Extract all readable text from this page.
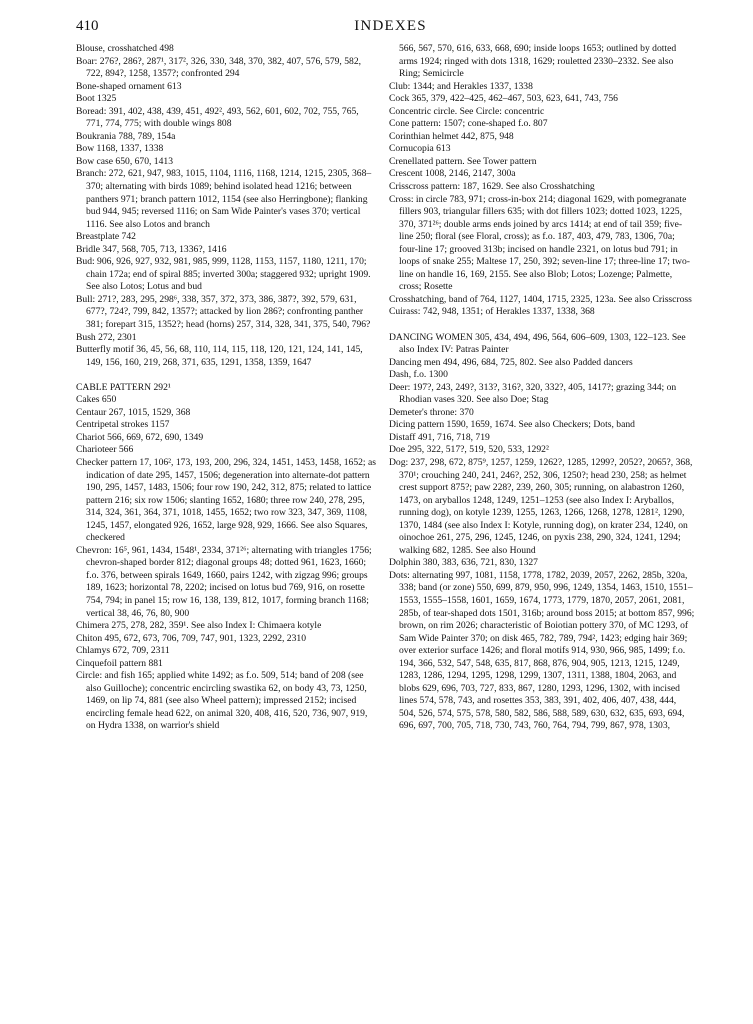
410	INDEXES

Blouse, crosshatched 498

Boar: 276?, 286?, 287¹, 317², 326, 330, 348, 370, 382, 407, 576, 579, 582, 722, 894?, 1258, 1357?; confronted 294

Bone-shaped ornament 613

Boot 1325

Boread: 391, 402, 438, 439, 451, 492², 493, 562, 601, 602, 702, 755, 765, 771, 774, 775; with double wings 808

Boukrania 788, 789, 154a

Bow 1168, 1337, 1338

Bow case 650, 670, 1413

Branch: 272, 621, 947, 983, 1015, 1104, 1116, 1168, 1214, 1215, 2305, 368–370; alternating with birds 1089; behind isolated head 1216; between panthers 971; branch pattern 1012, 1154 (see also Herringbone); flanking bud 944, 945; reversed 1116; on Sam Wide Painter's vases 370; vertical 1116. See also Lotos and branch

Breastplate 742

Bridle 347, 568, 705, 713, 1336?, 1416

Bud: 906, 926, 927, 932, 981, 985, 999, 1128, 1153, 1157, 1180, 1211, 170; chain 172a; end of spiral 885; inverted 300a; staggered 932; upright 1909. See also Lotos; Lotus and bud

Bull: 271?, 283, 295, 298⁶, 338, 357, 372, 373, 386, 387?, 392, 579, 631, 677?, 724?, 799, 842, 1357?; attacked by lion 286?; confronting panther 381; forepart 315, 1352?; head (horns) 257, 314, 328, 341, 375, 540, 796?

Bush 272, 2301

Butterfly motif 36, 45, 56, 68, 110, 114, 115, 118, 120, 121, 124, 141, 145, 149, 156, 160, 219, 268, 371, 635, 1291, 1358, 1359, 1647

CABLE PATTERN 292¹

Cakes 650

Centaur 267, 1015, 1529, 368

Centripetal strokes 1157

Chariot 566, 669, 672, 690, 1349

Charioteer 566

Checker pattern 17, 106², 173, 193, 200, 296, 324, 1451, 1453, 1458, 1652; as indication of date 295, 1457, 1506; degeneration into alternate-dot pattern 190, 295, 1457, 1483, 1506; four row 190, 242, 312, 875; related to lattice pattern 216; six row 1506; slanting 1652, 1680; three row 240, 278, 295, 314, 324, 361, 364, 371, 1018, 1455, 1652; two row 323, 347, 369, 1108, 1245, 1457, elongated 926, 1652, large 928, 929, 1666. See also Squares, checkered

Chevron: 16⁵, 961, 1434, 1548¹, 2334, 371²⁶; alternating with triangles 1756; chevron-shaped border 812; diagonal groups 48; dotted 961, 1623, 1660; f.o. 376, between spirals 1649, 1660, pairs 1242, with zigzag 996; groups 189, 1623; horizontal 78, 2202; incised on lotus bud 769, 916, on rosette 754, 794; in panel 15; row 16, 138, 139, 812, 1017, forming branch 1168; vertical 38, 46, 76, 80, 900

Chimera 275, 278, 282, 359¹. See also Index I: Chimaera kotyle

Chiton 495, 672, 673, 706, 709, 747, 901, 1323, 2292, 2310

Chlamys 672, 709, 2311

Cinquefoil pattern 881

Circle: and fish 165; applied white 1492; as f.o. 509, 514; band of 208 (see also Guilloche); concentric encircling swastika 62, on body 43, 73, 1250, 1469, on lip 74, 881 (see also Wheel pattern); impressed 2152; incised encircling female head 622, on animal 320, 408, 416, 520, 736, 907, 919, on Hydra 1338, on warrior's shield

566, 567, 570, 616, 633, 668, 690; inside loops 1653; outlined by dotted arms 1924; ringed with dots 1318, 1629; rouletted 2330–2332. See also Ring; Semicircle

Club: 1344; and Herakles 1337, 1338

Cock 365, 379, 422–425, 462–467, 503, 623, 641, 743, 756

Concentric circle. See Circle: concentric

Cone pattern: 1507; cone-shaped f.o. 807

Corinthian helmet 442, 875, 948

Cornucopia 613

Crenellated pattern. See Tower pattern

Crescent 1008, 2146, 2147, 300a

Crisscross pattern: 187, 1629. See also Crosshatching

Cross: in circle 783, 971; cross-in-box 214; diagonal 1629, with pomegranate fillers 903, triangular fillers 635; with dot fillers 1023; dotted 1023, 1225, 370, 371²⁶; double arms ends joined by arcs 1414; at end of tail 359; five-line 250; floral (see Floral, cross); as f.o. 187, 403, 479, 783, 1306, 70a; four-line 17; grooved 313b; incised on handle 2321, on lotus bud 791; in loops of snake 255; Maltese 17, 250, 392; seven-line 17; three-line 17; two-line on handle 16, 169, 2155. See also Blob; Lotos; Lozenge; Palmette, cross; Rosette

Crosshatching, band of 764, 1127, 1404, 1715, 2325, 123a. See also Crisscross

Cuirass: 742, 948, 1351; of Herakles 1337, 1338, 368

DANCING WOMEN 305, 434, 494, 496, 564, 606–609, 1303, 122–123. See also Index IV: Patras Painter

Dancing men 494, 496, 684, 725, 802. See also Padded dancers

Dash, f.o. 1300

Deer: 197?, 243, 249?, 313?, 316?, 320, 332?, 405, 1417?; grazing 344; on Rhodian vases 320. See also Doe; Stag

Demeter's throne: 370

Dicing pattern 1590, 1659, 1674. See also Checkers; Dots, band

Distaff 491, 716, 718, 719

Doe 295, 322, 517?, 519, 520, 533, 1292²

Dog: 237, 298, 672, 875⁹, 1257, 1259, 1262?, 1285, 1299?, 2052?, 2065?, 368, 370¹; crouching 240, 241, 246?, 252, 306, 1250?; head 230, 258; as helmet crest support 875?; paw 228?, 239, 260, 305; running, on alabastron 1260, 1473, on aryballos 1248, 1249, 1251–1253 (see also Index I: Aryballos, running dog), on kotyle 1239, 1255, 1263, 1266, 1268, 1278, 1281², 1290, 1370, 1484 (see also Index I: Kotyle, running dog), on krater 234, 1240, on oinochoe 261, 275, 296, 1245, 1246, on pyxis 238, 290, 324, 1241, 1294; walking 682, 1285. See also Hound

Dolphin 380, 383, 636, 721, 830, 1327

Dots: alternating 997, 1081, 1158, 1778, 1782, 2039, 2057, 2262, 285b, 320a, 338; band (or zone) 550, 699, 879, 950, 996, 1249, 1354, 1463, 1510, 1551–1553, 1555–1558, 1601, 1659, 1674, 1773, 1779, 1870, 2057, 2061, 2081, 285b, of tear-shaped dots 1501, 316b; around boss 2015; at bottom 857, 996; brown, on rim 2026; characteristic of Boiotian pottery 370, of MC 1293, of Sam Wide Painter 370; on disk 465, 782, 789, 794², 1423; edging hair 369; over exterior surface 1426; and floral motifs 914, 930, 966, 985, 1499; f.o. 194, 366, 532, 547, 548, 635, 817, 868, 876, 904, 905, 1213, 1215, 1249, 1283, 1286, 1294, 1295, 1298, 1299, 1307, 1311, 1388, 1804, 2063, and blobs 629, 696, 703, 727, 833, 867, 1280, 1293, 1296, 1302, with incised lines 574, 578, 743, and rosettes 353, 383, 391, 402, 406, 407, 438, 444, 504, 526, 574, 575, 578, 580, 582, 586, 588, 589, 630, 632, 635, 693, 694, 696, 697, 700, 705, 718, 730, 743, 760, 764, 794, 799, 867, 978, 1303,
